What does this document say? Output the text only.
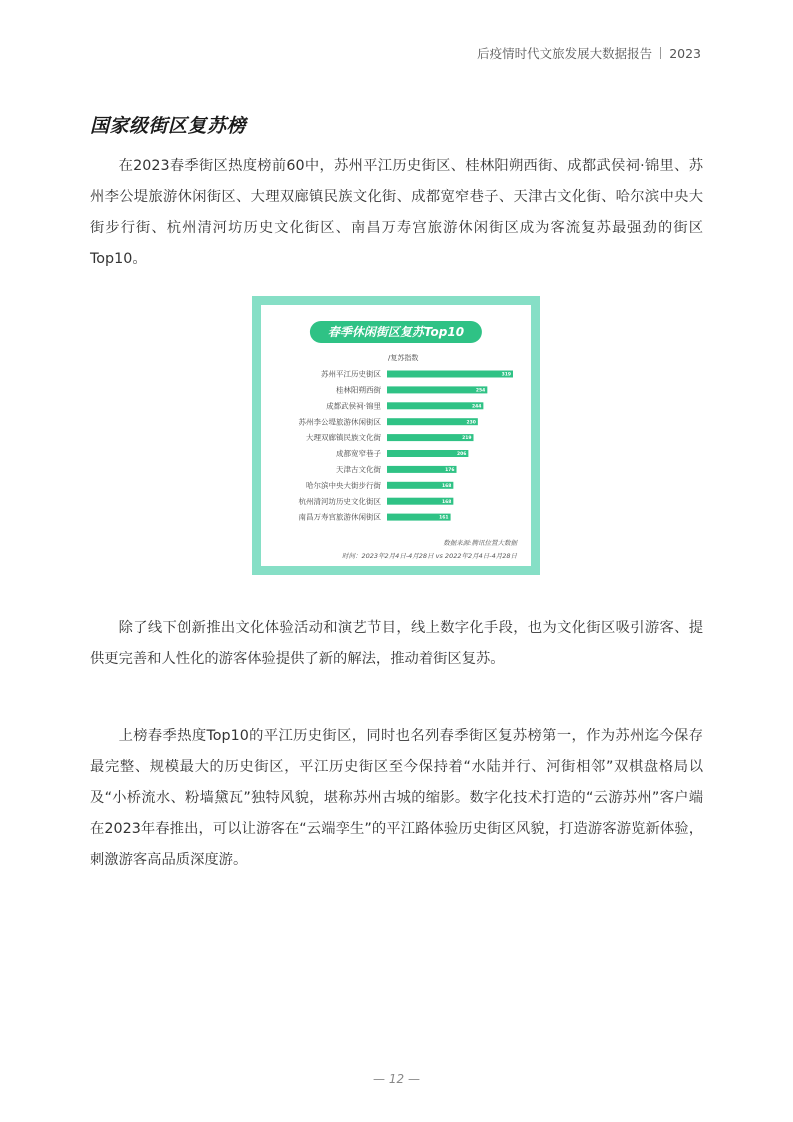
后疫情时代文旅发展大数据报告 2023
国家级街区复苏榜

在2023春季街区热度榜前60中，苏州平江历史街区、桂林阳朔西街、成都武侯祠·锦里、苏州李公堤旅游休闲街区、大理双廊镇民族文化街、成都宽窄巷子、天津古文化街、哈尔滨中央大街步行街、杭州清河坊历史文化街区、南昌万寿宫旅游休闲街区成为客流复苏最强劲的街区Top10。

春季休闲街区复苏Top10
/复苏指数
苏州平江历史街区	319
桂林阳朔西街	254
成都武侯祠·锦里	244
苏州李公堤旅游休闲街区	230
大理双廊镇民族文化街	219
成都宽窄巷子	206
天津古文化街	176
哈尔滨中央大街步行街	168
杭州清河坊历史文化街区	168
南昌万寿宫旅游休闲街区	161
数据来源:腾讯位置大数据
时间：2023年2月4日-4月28日 vs 2022年2月4日-4月28日

除了线下创新推出文化体验活动和演艺节目，线上数字化手段，也为文化街区吸引游客、提供更完善和人性化的游客体验提供了新的解法，推动着街区复苏。

上榜春季热度Top10的平江历史街区，同时也名列春季街区复苏榜第一，作为苏州迄今保存最完整、规模最大的历史街区，平江历史街区至今保持着“水陆并行、河街相邻”双棋盘格局以及“小桥流水、粉墙黛瓦”独特风貌，堪称苏州古城的缩影。数字化技术打造的“云游苏州”客户端在2023年春推出，可以让游客在“云端孪生”的平江路体验历史街区风貌，打造游客游览新体验，刺激游客高品质深度游。

— 12 —
